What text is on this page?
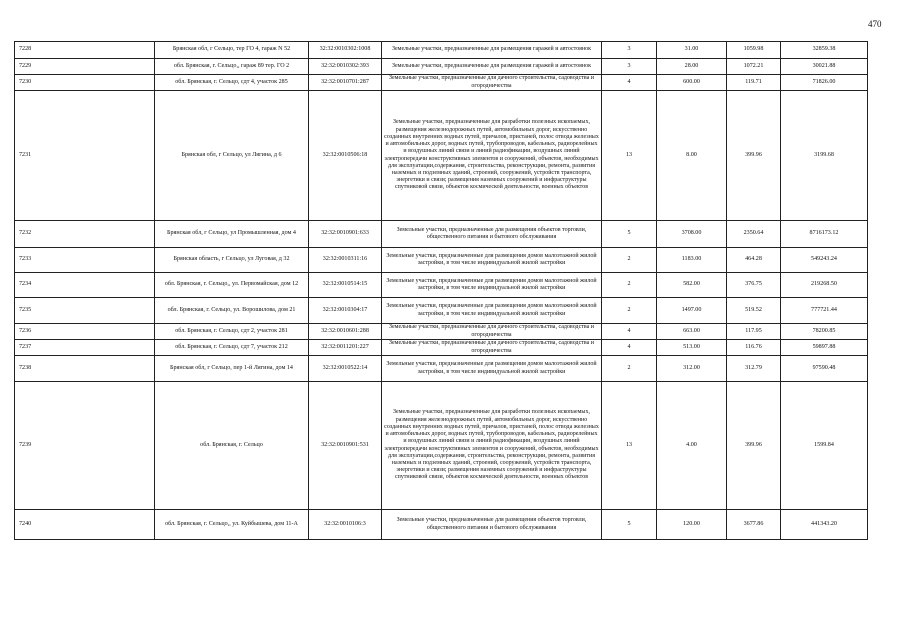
470
7228	Брянская обл, г Сельцо, тер ГО 4, гараж N 52	32:32:0010302:1008	Земельные участки, предназначенные для размещения гаражей и автостоянок	3	31.00	1059.98	32859.38
7229	обл. Брянская, г. Сельцо,, гараж 89 тер. ГО 2	32:32:0010302:393	Земельные участки, предназначенные для размещения гаражей и автостоянок	3	28.00	1072.21	30021.88
7230	обл. Брянская, г. Сельцо, сдт 4, участок 285	32:32:0010701:287	Земельные участки, предназначенные для дачного строительства, садоводства и огородничества	4	600.00	119.71	71826.00
7231	Брянская обл, г Сельцо, ул Лягина, д 6	32:32:0010506:18	Земельные участки, предназначенные для разработки полезных ископаемых, размещения железнодорожных путей, автомобильных дорог, искусственно созданных внутренних водных путей, причалов, пристаней, полос отвода железных и автомобильных дорог, водных путей, трубопроводов, кабельных, радиорелейных и воздушных линий связи и линий радиофикации, воздушных линий электропередачи конструктивных элементов и сооружений, объектов, необходимых для эксплуатации,содержания, строительства, реконструкции, ремонта, развития наземных и подземных зданий, строений, сооружений, устройств транспорта, энергетики и связи; размещения наземных сооружений и инфраструктуры спутниковой связи, объектов космической деятельности, военных объектов	13	8.00	399.96	3199.68
7232	Брянская обл, г Сельцо, ул Промышленная, дом 4	32:32:0010901:633	Земельные участки, предназначенные для размещения объектов торговли, общественного питания и бытового обслуживания	5	3708.00	2350.64	8716173.12
7233	Брянская область, г Сельцо, ул Луговая, д 32	32:32:0010311:16	Земельные участки, предназначенные для размещения домов малоэтажной жилой застройки, в том числе индивидуальной жилой застройки	2	1183.00	464.28	549243.24
7234	обл. Брянская, г. Сельцо,, ул. Первомайская, дом 12	32:32:0010514:15	Земельные участки, предназначенные для размещения домов малоэтажной жилой застройки, в том числе индивидуальной жилой застройки	2	582.00	376.75	219268.50
7235	обл. Брянская, г. Сельцо, ул. Ворошилова, дом 21	32:32:0010304:17	Земельные участки, предназначенные для размещения домов малоэтажной жилой застройки, в том числе индивидуальной жилой застройки	2	1497.00	519.52	777721.44
7236	обл. Брянская, г. Сельцо, сдт 2, участок 281	32:32:0010601:288	Земельные участки, предназначенные для дачного строительства, садоводства и огородничества	4	663.00	117.95	78200.85
7237	обл. Брянская, г. Сельцо, сдт 7, участок 212	32:32:0011201:227	Земельные участки, предназначенные для дачного строительства, садоводства и огородничества	4	513.00	116.76	59897.88
7238	Брянская обл, г Сельцо, пер 1-й Лягина, дом 14	32:32:0010522:14	Земельные участки, предназначенные для размещения домов малоэтажной жилой застройки, в том числе индивидуальной жилой застройки	2	312.00	312.79	97590.48
7239	обл. Брянская, г. Сельцо	32:32:0010901:531	Земельные участки, предназначенные для разработки полезных ископаемых, размещения железнодорожных путей, автомобильных дорог, искусственно созданных внутренних водных путей, причалов, пристаней, полос отвода железных и автомобильных дорог, водных путей, трубопроводов, кабельных, радиорелейных и воздушных линий связи и линий радиофикации, воздушных линий электропередачи конструктивных элементов и сооружений, объектов, необходимых для эксплуатации,содержания, строительства, реконструкции, ремонта, развития наземных и подземных зданий, строений, сооружений, устройств транспорта, энергетики и связи; размещения наземных сооружений и инфраструктуры спутниковой связи, объектов космической деятельности, военных объектов	13	4.00	399.96	1599.84
7240	обл. Брянская, г. Сельцо,, ул. Куйбышева, дом 11-А	32:32:0010106:3	Земельные участки, предназначенные для размещения объектов торговли, общественного питания и бытового обслуживания	5	120.00	3677.86	441343.20
